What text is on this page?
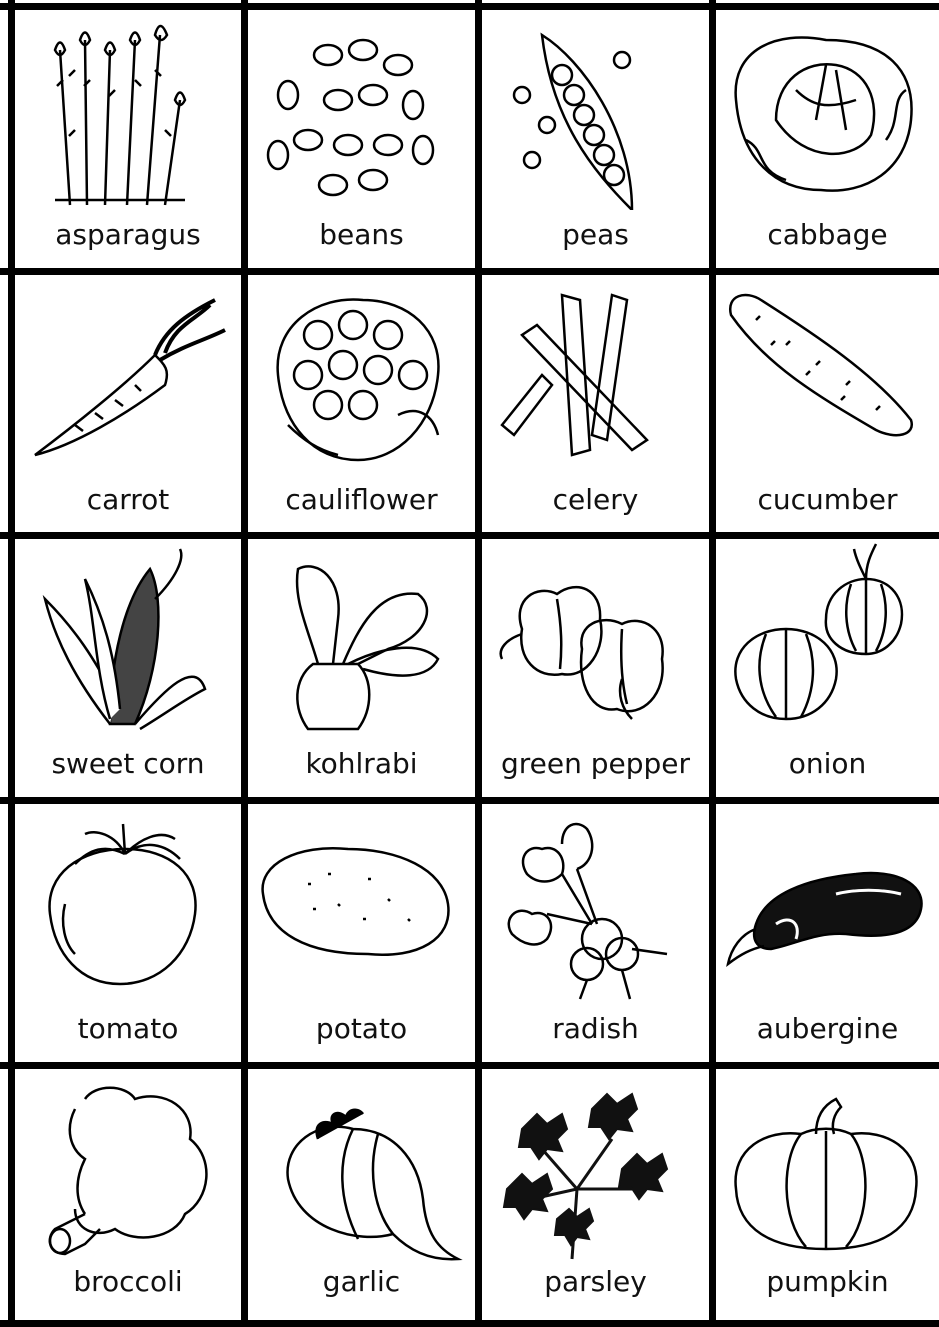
asparagus	beans	peas	cabbage
carrot	cauliflower	celery	cucumber
sweet corn	kohlrabi	green pepper	onion
tomato	potato	radish	aubergine
broccoli	garlic	parsley	pumpkin
